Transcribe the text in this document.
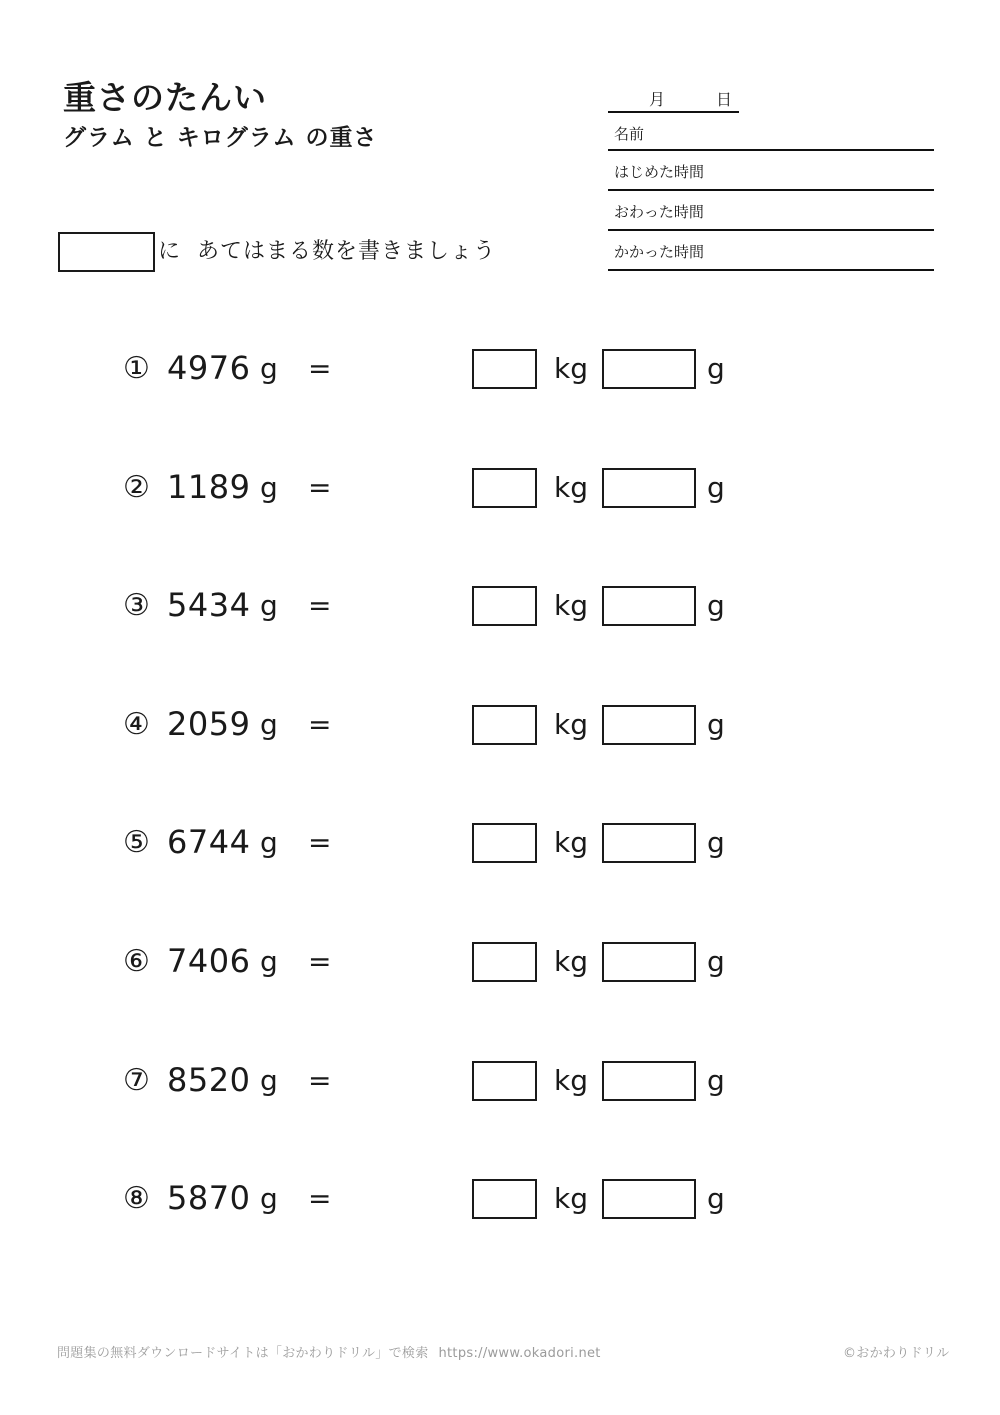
重さのたんい
グラム と キログラム の重さ
月	日
名前
はじめた時間
おわった時間
かかった時間
に  あてはまる数を書きましょう
① 4976 g =	kg	g
② 1189 g =	kg	g
③ 5434 g =	kg	g
④ 2059 g =	kg	g
⑤ 6744 g =	kg	g
⑥ 7406 g =	kg	g
⑦ 8520 g =	kg	g
⑧ 5870 g =	kg	g
問題集の無料ダウンロードサイトは「おかわりドリル」で検索 https://www.okadori.net	©おかわりドリル
